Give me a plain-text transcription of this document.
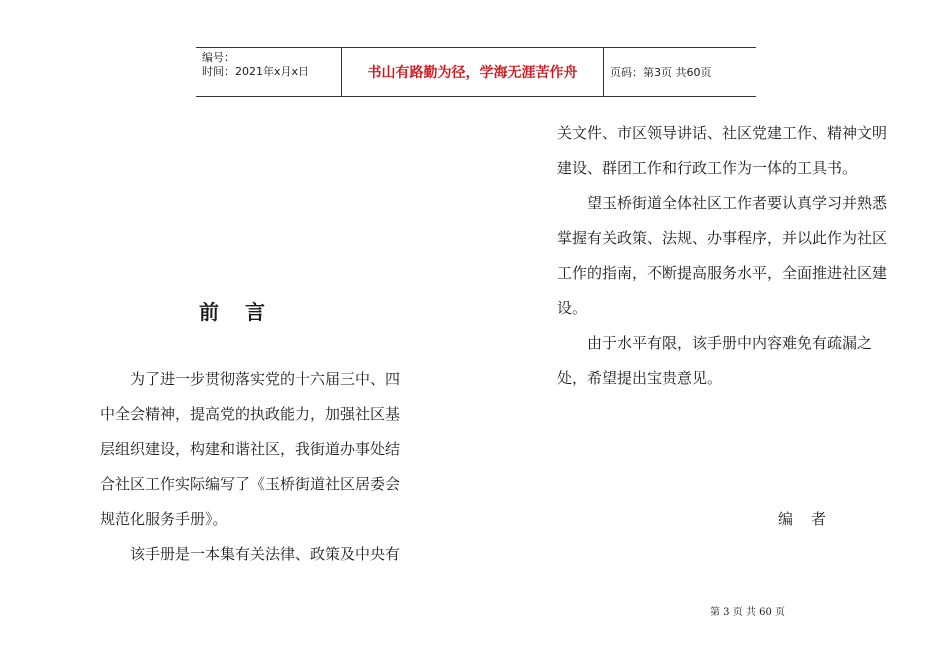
编号：
时间：2021年x月x日	书山有路勤为径，学海无涯苦作舟	页码：第3页 共60页
前言

为了进一步贯彻落实党的十六届三中、四中全会精神，提高党的执政能力，加强社区基层组织建设，构建和谐社区，我街道办事处结合社区工作实际编写了《玉桥街道社区居委会规范化服务手册》。

该手册是一本集有关法律、政策及中央有

关文件、市区领导讲话、社区党建工作、精神文明建设、群团工作和行政工作为一体的工具书。

望玉桥街道全体社区工作者要认真学习并熟悉掌握有关政策、法规、办事程序，并以此作为社区工作的指南，不断提高服务水平，全面推进社区建设。

由于水平有限，该手册中内容难免有疏漏之处，希望提出宝贵意见。

编者
第 3 页 共 60 页
